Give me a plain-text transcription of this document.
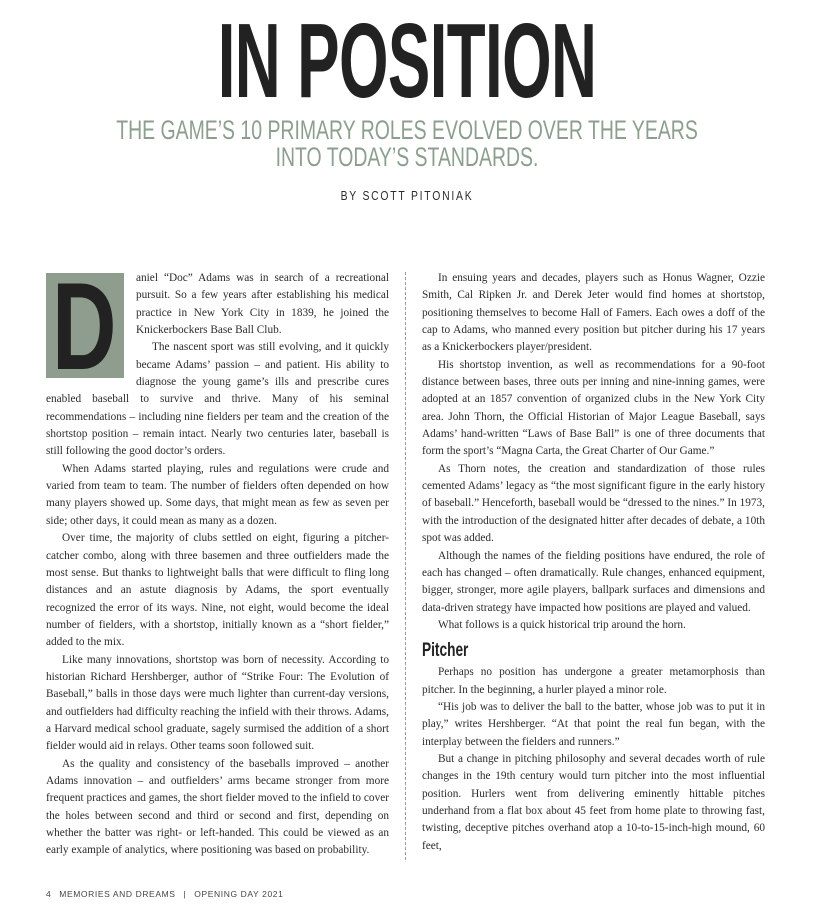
IN POSITION
THE GAME’S 10 PRIMARY ROLES EVOLVED OVER THE YEARS
INTO TODAY’S STANDARDS.
BY SCOTT PITONIAK
D	aniel “Doc” Adams was in search of a recreational pursuit. So a few years after establishing his medical practice in New York City in 1839, he joined the Knickerbockers Base Ball Club.

The nascent sport was still evolving, and it quickly became Adams’ passion – and patient. His ability to diagnose the young game’s ills and prescribe cures enabled baseball to survive and thrive. Many of his seminal recommendations – including nine fielders per team and the creation of the shortstop position – remain intact. Nearly two centuries later, baseball is still following the good doctor’s orders.

When Adams started playing, rules and regulations were crude and varied from team to team. The number of fielders often depended on how many players showed up. Some days, that might mean as few as seven per side; other days, it could mean as many as a dozen.

Over time, the majority of clubs settled on eight, figuring a pitcher-catcher combo, along with three basemen and three outfielders made the most sense. But thanks to lightweight balls that were difficult to fling long distances and an astute diagnosis by Adams, the sport eventually recognized the error of its ways. Nine, not eight, would become the ideal number of fielders, with a shortstop, initially known as a “short fielder,” added to the mix.

Like many innovations, shortstop was born of necessity. According to historian Richard Hershberger, author of “Strike Four: The Evolution of Baseball,” balls in those days were much lighter than current-day versions, and outfielders had difficulty reaching the infield with their throws. Adams, a Harvard medical school graduate, sagely surmised the addition of a short fielder would aid in relays. Other teams soon followed suit.

As the quality and consistency of the baseballs improved – another Adams innovation – and outfielders’ arms became stronger from more frequent practices and games, the short fielder moved to the infield to cover the holes between second and third or second and first, depending on whether the batter was right- or left-handed. This could be viewed as an early example of analytics, where positioning was based on probability.

In ensuing years and decades, players such as Honus Wagner, Ozzie Smith, Cal Ripken Jr. and Derek Jeter would find homes at shortstop, positioning themselves to become Hall of Famers. Each owes a doff of the cap to Adams, who manned every position but pitcher during his 17 years as a Knickerbockers player/president.

His shortstop invention, as well as recommendations for a 90-foot distance between bases, three outs per inning and nine-inning games, were adopted at an 1857 convention of organized clubs in the New York City area. John Thorn, the Official Historian of Major League Baseball, says Adams’ hand-written “Laws of Base Ball” is one of three documents that form the sport’s “Magna Carta, the Great Charter of Our Game.”

As Thorn notes, the creation and standardization of those rules cemented Adams’ legacy as “the most significant figure in the early history of baseball.” Henceforth, baseball would be “dressed to the nines.” In 1973, with the introduction of the designated hitter after decades of debate, a 10th spot was added.

Although the names of the fielding positions have endured, the role of each has changed – often dramatically. Rule changes, enhanced equipment, bigger, stronger, more agile players, ballpark surfaces and dimensions and data-driven strategy have impacted how positions are played and valued.

What follows is a quick historical trip around the horn.

Pitcher

Perhaps no position has undergone a greater metamorphosis than pitcher. In the beginning, a hurler played a minor role.

“His job was to deliver the ball to the batter, whose job was to put it in play,” writes Hershberger. “At that point the real fun began, with the interplay between the fielders and runners.”

But a change in pitching philosophy and several decades worth of rule changes in the 19th century would turn pitcher into the most influential position. Hurlers went from delivering eminently hittable pitches underhand from a flat box about 45 feet from home plate to throwing fast, twisting, deceptive pitches overhand atop a 10-to-15-inch-high mound, 60 feet,

4 MEMORIES AND DREAMS | OPENING DAY 2021
